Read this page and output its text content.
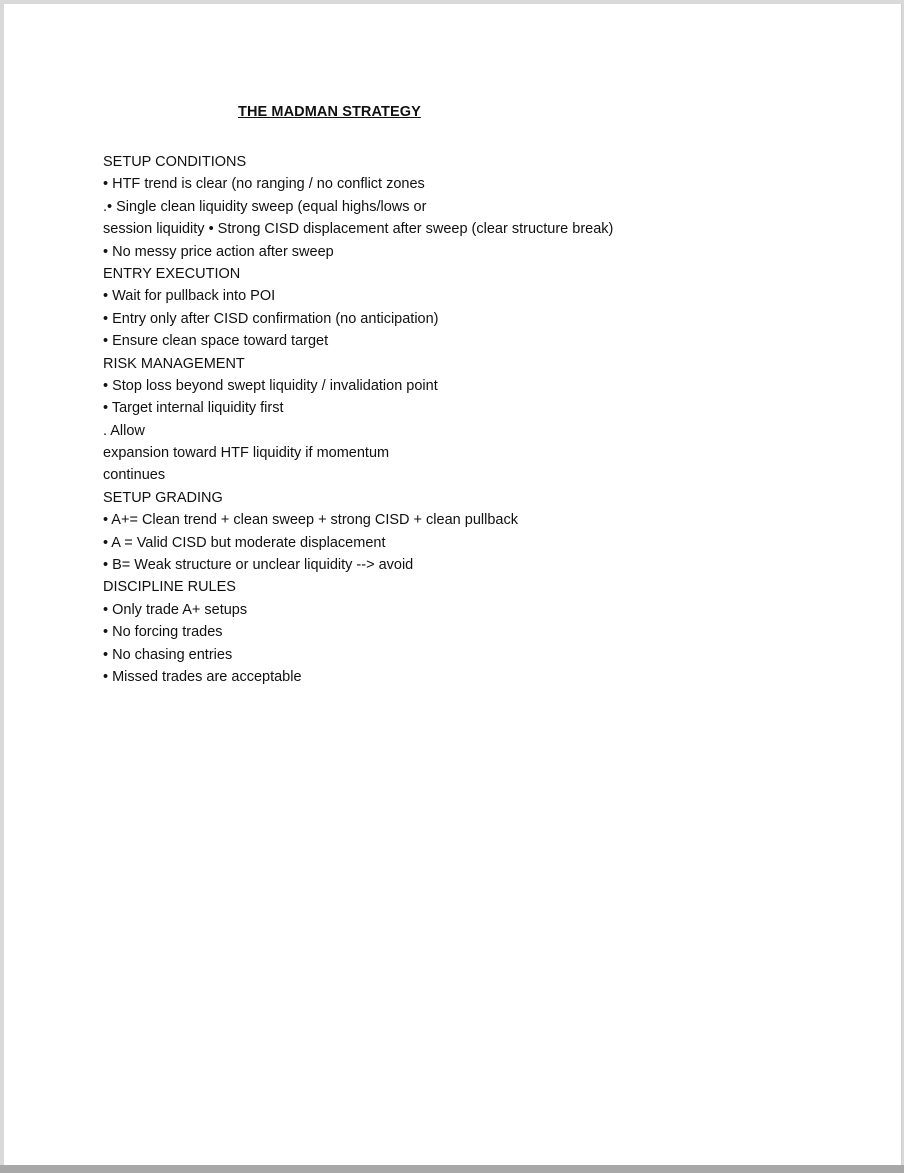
THE MADMAN STRATEGY
SETUP CONDITIONS
• HTF trend is clear (no ranging / no conflict zones
.• Single clean liquidity sweep (equal highs/lows or
session liquidity • Strong CISD displacement after sweep (clear structure break)
• No messy price action after sweep
ENTRY EXECUTION
• Wait for pullback into POI
• Entry only after CISD confirmation (no anticipation)
• Ensure clean space toward target
RISK MANAGEMENT
• Stop loss beyond swept liquidity / invalidation point
• Target internal liquidity first
. Allow
expansion toward HTF liquidity if momentum
continues
SETUP GRADING
• A+= Clean trend + clean sweep + strong CISD + clean pullback
• A = Valid CISD but moderate displacement
• B= Weak structure or unclear liquidity --> avoid
DISCIPLINE RULES
• Only trade A+ setups
• No forcing trades
• No chasing entries
• Missed trades are acceptable
